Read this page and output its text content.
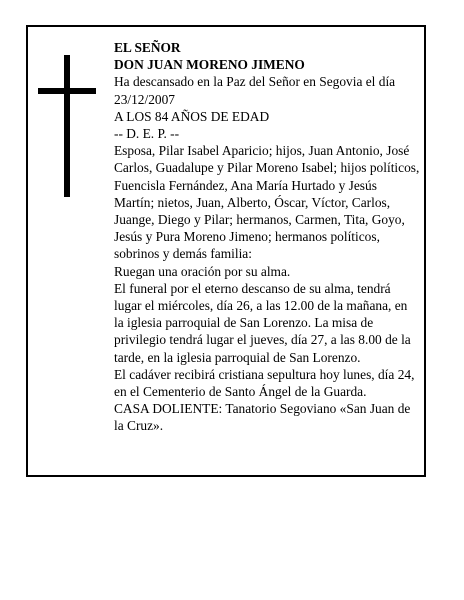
EL SEÑOR

DON JUAN MORENO JIMENO

Ha descansado en la Paz del Señor en Segovia el día 23/12/2007

A LOS 84 AÑOS DE EDAD

-- D. E. P. --

Esposa, Pilar Isabel Aparicio; hijos, Juan Antonio, José Carlos, Guadalupe y Pilar Moreno Isabel; hijos políticos, Fuencisla Fernández, Ana María Hurtado y Jesús Martín; nietos, Juan, Alberto, Óscar, Víctor, Carlos, Juange, Diego y Pilar; hermanos, Carmen, Tita, Goyo, Jesús y Pura Moreno Jimeno; hermanos políticos, sobrinos y demás familia:

Ruegan una oración por su alma.

El funeral por el eterno descanso de su alma, tendrá lugar el miércoles, día 26, a las 12.00 de la mañana, en la iglesia parroquial de San Lorenzo. La misa de privilegio tendrá lugar el jueves, día 27, a las 8.00 de la tarde, en la iglesia parroquial de San Lorenzo.

El cadáver recibirá cristiana sepultura hoy lunes, día 24, en el Cementerio de Santo Ángel de la Guarda.

CASA DOLIENTE: Tanatorio Segoviano «San Juan de la Cruz».
